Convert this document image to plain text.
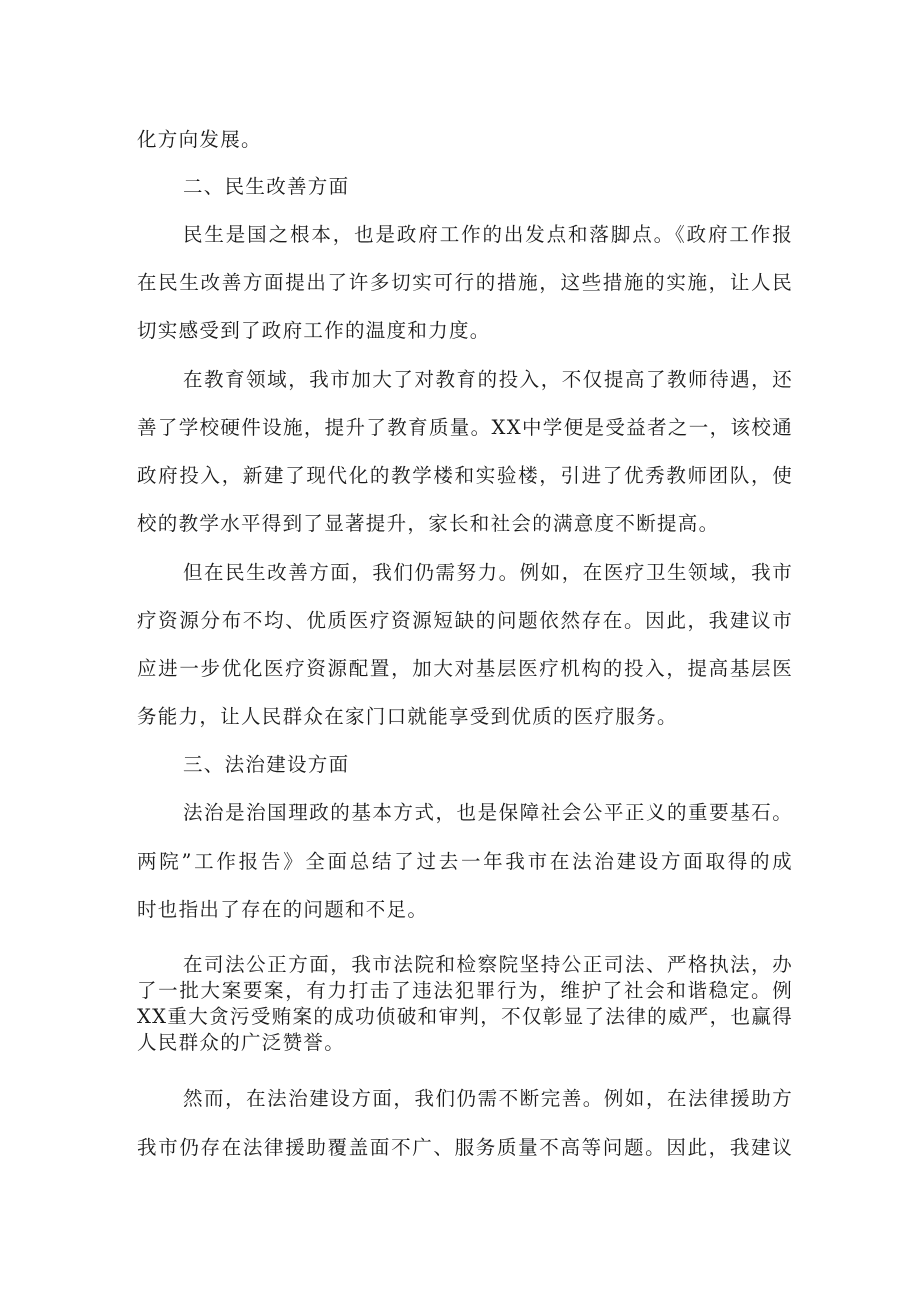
化方向发展。
二、民生改善方面
民生是国之根本，也是政府工作的出发点和落脚点。《政府工作报
在民生改善方面提出了许多切实可行的措施，这些措施的实施，让人民
切实感受到了政府工作的温度和力度。
在教育领域，我市加大了对教育的投入，不仅提高了教师待遇，还
善了学校硬件设施，提升了教育质量。XX中学便是受益者之一，该校通
政府投入，新建了现代化的教学楼和实验楼，引进了优秀教师团队，使
校的教学水平得到了显著提升，家长和社会的满意度不断提高。
但在民生改善方面，我们仍需努力。例如，在医疗卫生领域，我市
疗资源分布不均、优质医疗资源短缺的问题依然存在。因此，我建议市
应进一步优化医疗资源配置，加大对基层医疗机构的投入，提高基层医
务能力，让人民群众在家门口就能享受到优质的医疗服务。
三、法治建设方面
法治是治国理政的基本方式，也是保障社会公平正义的重要基石。
两院”工作报告》全面总结了过去一年我市在法治建设方面取得的成
时也指出了存在的问题和不足。
在司法公正方面，我市法院和检察院坚持公正司法、严格执法，办
了一批大案要案，有力打击了违法犯罪行为，维护了社会和谐稳定。例
XX重大贪污受贿案的成功侦破和审判，不仅彰显了法律的威严，也赢得
人民群众的广泛赞誉。
然而，在法治建设方面，我们仍需不断完善。例如，在法律援助方
我市仍存在法律援助覆盖面不广、服务质量不高等问题。因此，我建议
